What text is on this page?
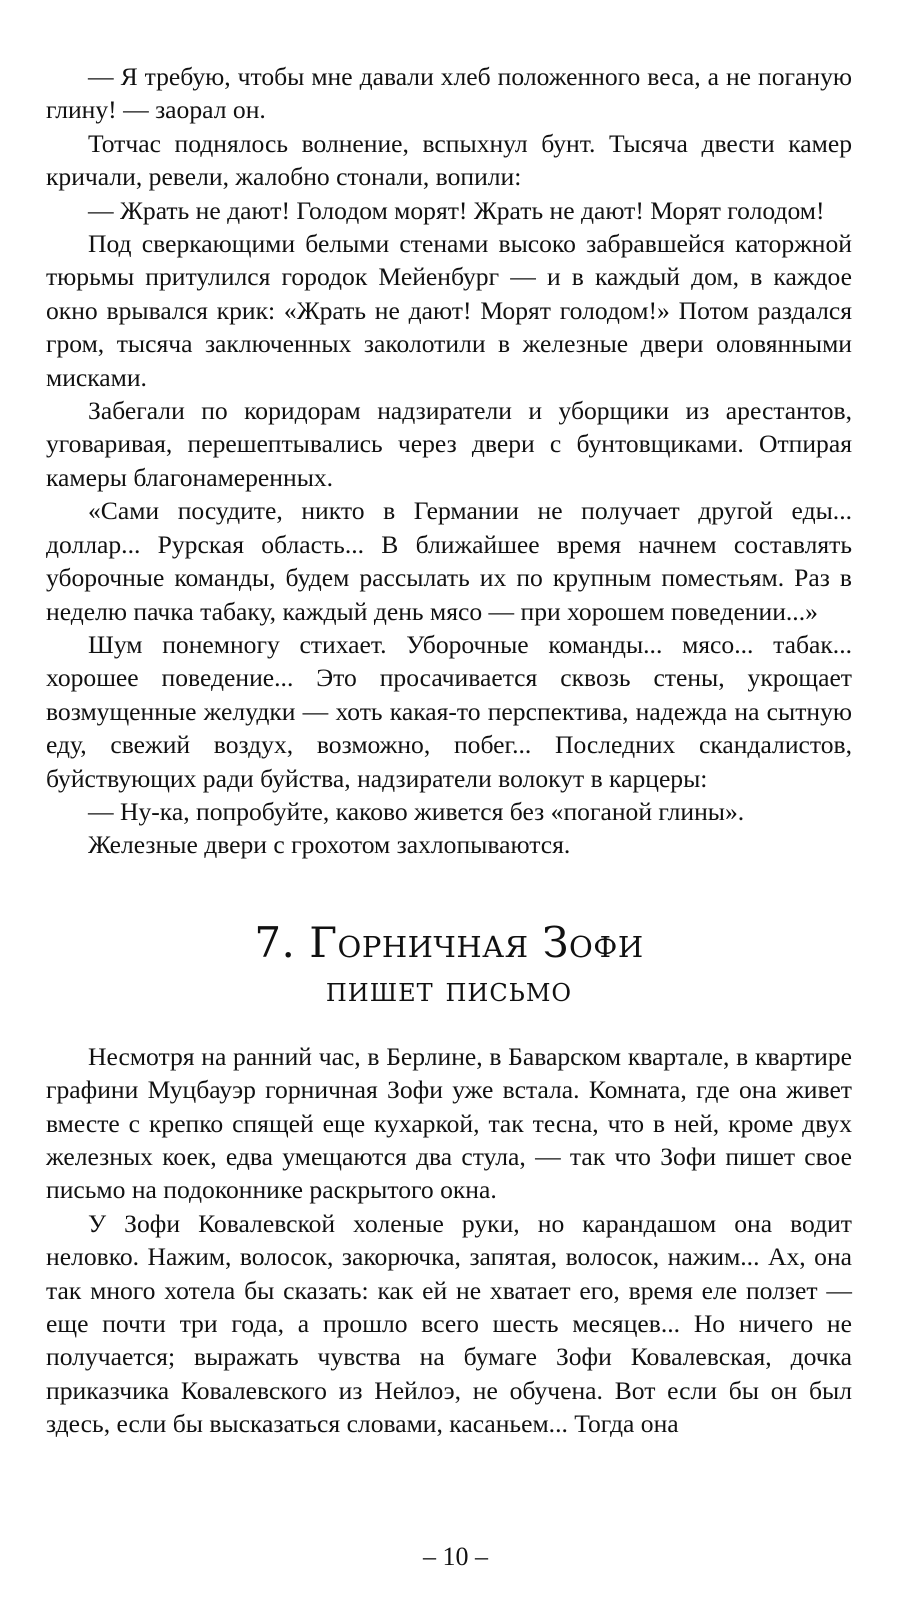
— Я требую, чтобы мне давали хлеб положенного веса, а не поганую глину! — заорал он.

Тотчас поднялось волнение, вспыхнул бунт. Тысяча двести камер кричали, ревели, жалобно стонали, вопили:

— Жрать не дают! Голодом морят! Жрать не дают! Морят голодом!

Под сверкающими белыми стенами высоко забравшейся каторжной тюрьмы притулился городок Мейенбург — и в каждый дом, в каждое окно врывался крик: «Жрать не дают! Морят голодом!» Потом раздался гром, тысяча заключенных заколотили в железные двери оловянными мисками.

Забегали по коридорам надзиратели и уборщики из арестантов, уговаривая, перешептывались через двери с бунтовщиками. Отпирая камеры благонамеренных.

«Сами посудите, никто в Германии не получает другой еды... доллар... Рурская область... В ближайшее время начнем составлять уборочные команды, будем рассылать их по крупным поместьям. Раз в неделю пачка табаку, каждый день мясо — при хорошем поведении...»

Шум понемногу стихает. Уборочные команды... мясо... табак... хорошее поведение... Это просачивается сквозь стены, укрощает возмущенные желудки — хоть какая-то перспектива, надежда на сытную еду, свежий воздух, возможно, побег... Последних скандалистов, буйствующих ради буйства, надзиратели волокут в карцеры:

— Ну-ка, попробуйте, каково живется без «поганой глины».

Железные двери с грохотом захлопываются.

7. Горничная Зофи
пишет письмо

Несмотря на ранний час, в Берлине, в Баварском квартале, в квартире графини Муцбауэр горничная Зофи уже встала. Комната, где она живет вместе с крепко спящей еще кухаркой, так тесна, что в ней, кроме двух железных коек, едва умещаются два стула, — так что Зофи пишет свое письмо на подоконнике раскрытого окна.

У Зофи Ковалевской холеные руки, но карандашом она водит неловко. Нажим, волосок, закорючка, запятая, волосок, нажим... Ах, она так много хотела бы сказать: как ей не хватает его, время еле ползет — еще почти три года, а прошло всего шесть месяцев... Но ничего не получается; выражать чувства на бумаге Зофи Ковалевская, дочка приказчика Ковалевского из Нейлоэ, не обучена. Вот если бы он был здесь, если бы высказаться словами, касаньем... Тогда она

– 10 –
